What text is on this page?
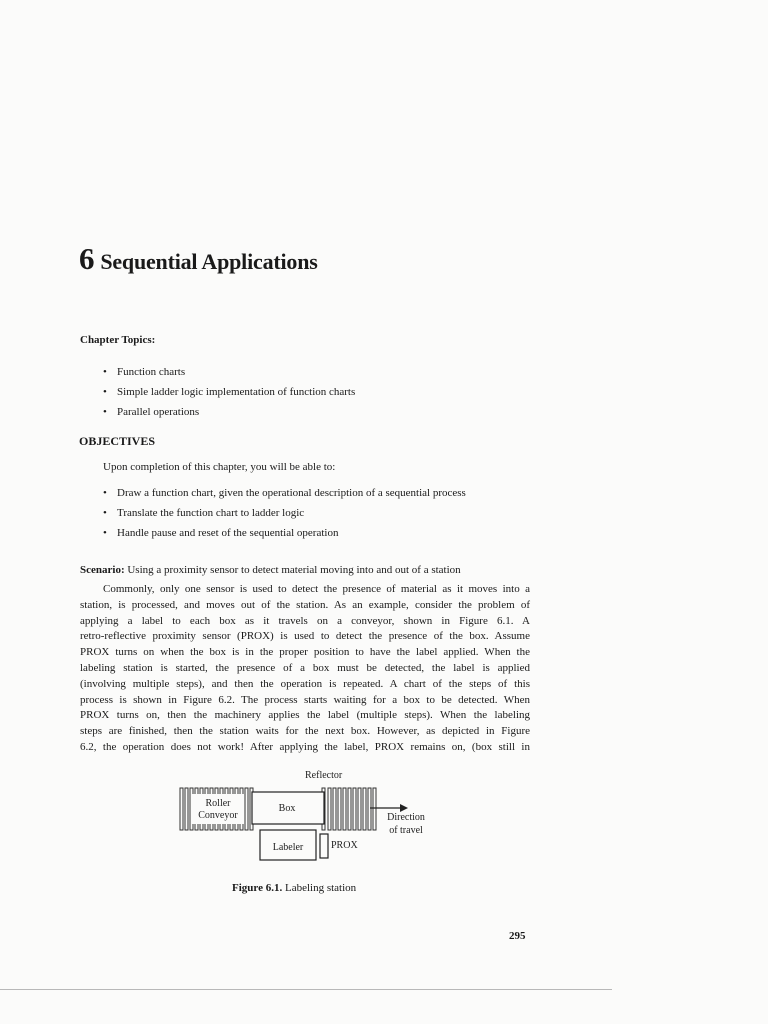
6 Sequential Applications

Chapter Topics:

• Function charts
• Simple ladder logic implementation of function charts
• Parallel operations

OBJECTIVES

Upon completion of this chapter, you will be able to:

• Draw a function chart, given the operational description of a sequential process
• Translate the function chart to ladder logic
• Handle pause and reset of the sequential operation

Scenario: Using a proximity sensor to detect material moving into and out of a station

Commonly, only one sensor is used to detect the presence of material as it moves into a
station, is processed, and moves out of the station. As an example, consider the problem of
applying a label to each box as it travels on a conveyor, shown in Figure 6.1. A
retro-reflective proximity sensor (PROX) is used to detect the presence of the box. Assume
PROX turns on when the box is in the proper position to have the label applied. When the
labeling station is started, the presence of a box must be detected, the label is applied
(involving multiple steps), and then the operation is repeated. A chart of the steps of this
process is shown in Figure 6.2. The process starts waiting for a box to be detected. When
PROX turns on, then the machinery applies the label (multiple steps). When the labeling
steps are finished, then the station waits for the next box. However, as depicted in Figure
6.2, the operation does not work! After applying the label, PROX remains on, (box still in
Reflector
Roller
Conveyor
Box
Direction
of travel
Labeler	PROX

Figure 6.1. Labeling station

295
